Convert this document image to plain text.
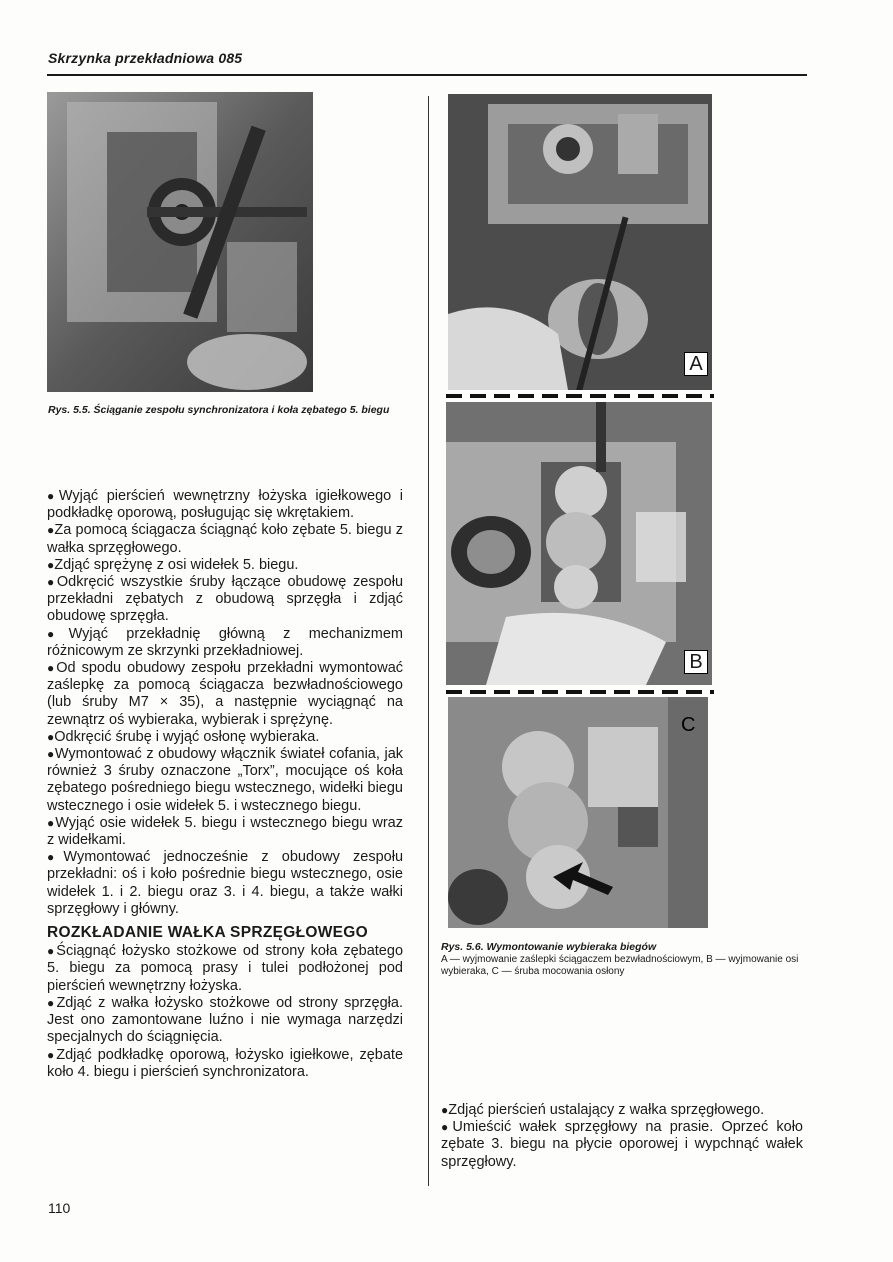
Skrzynka przekładniowa 085
Rys. 5.5. Ściąganie zespołu synchronizatora i koła zębatego 5. biegu

●Wyjąć pierścień wewnętrzny łożyska igiełkowego i podkładkę oporową, posługując się wkrętakiem.

●Za pomocą ściągacza ściągnąć koło zębate 5. biegu z wałka sprzęgłowego.

●Zdjąć sprężynę z osi widełek 5. biegu.

●Odkręcić wszystkie śruby łączące obudowę zespołu przekładni zębatych z obudową sprzęgła i zdjąć obudowę sprzęgła.

●Wyjąć przekładnię główną z mechanizmem różnicowym ze skrzynki przekładniowej.

●Od spodu obudowy zespołu przekładni wymontować zaślepkę za pomocą ściągacza bezwładnościowego (lub śruby M7 × 35), a następnie wyciągnąć na zewnątrz oś wybieraka, wybierak i sprężynę.

●Odkręcić śrubę i wyjąć osłonę wybieraka.

●Wymontować z obudowy włącznik świateł cofania, jak również 3 śruby oznaczone „Torx”, mocujące oś koła zębatego pośredniego biegu wstecznego, widełki biegu wstecznego i osie widełek 5. i wstecznego biegu.

●Wyjąć osie widełek 5. biegu i wstecznego biegu wraz z widełkami.

●Wymontować jednocześnie z obudowy zespołu przekładni: oś i koło pośrednie biegu wstecznego, osie widełek 1. i 2. biegu oraz 3. i 4. biegu, a także wałki sprzęgłowy i główny.

ROZKŁADANIE WAŁKA SPRZĘGŁOWEGO

●Ściągnąć łożysko stożkowe od strony koła zębatego 5. biegu za pomocą prasy i tulei podłożonej pod pierścień wewnętrzny łożyska.

●Zdjąć z wałka łożysko stożkowe od strony sprzęgła. Jest ono zamontowane luźno i nie wymaga narzędzi specjalnych do ściągnięcia.

●Zdjąć podkładkę oporową, łożysko igiełkowe, zębate koło 4. biegu i pierścień synchronizatora.

A
B
C
Rys. 5.6. Wymontowanie wybieraka biegów
A — wyjmowanie zaślepki ściągaczem bezwładnościowym, B — wyjmowanie osi wybieraka, C — śruba mocowania osłony

●Zdjąć pierścień ustalający z wałka sprzęgłowego.

●Umieścić wałek sprzęgłowy na prasie. Oprzeć koło zębate 3. biegu na płycie oporowej i wypchnąć wałek sprzęgłowy.

110
